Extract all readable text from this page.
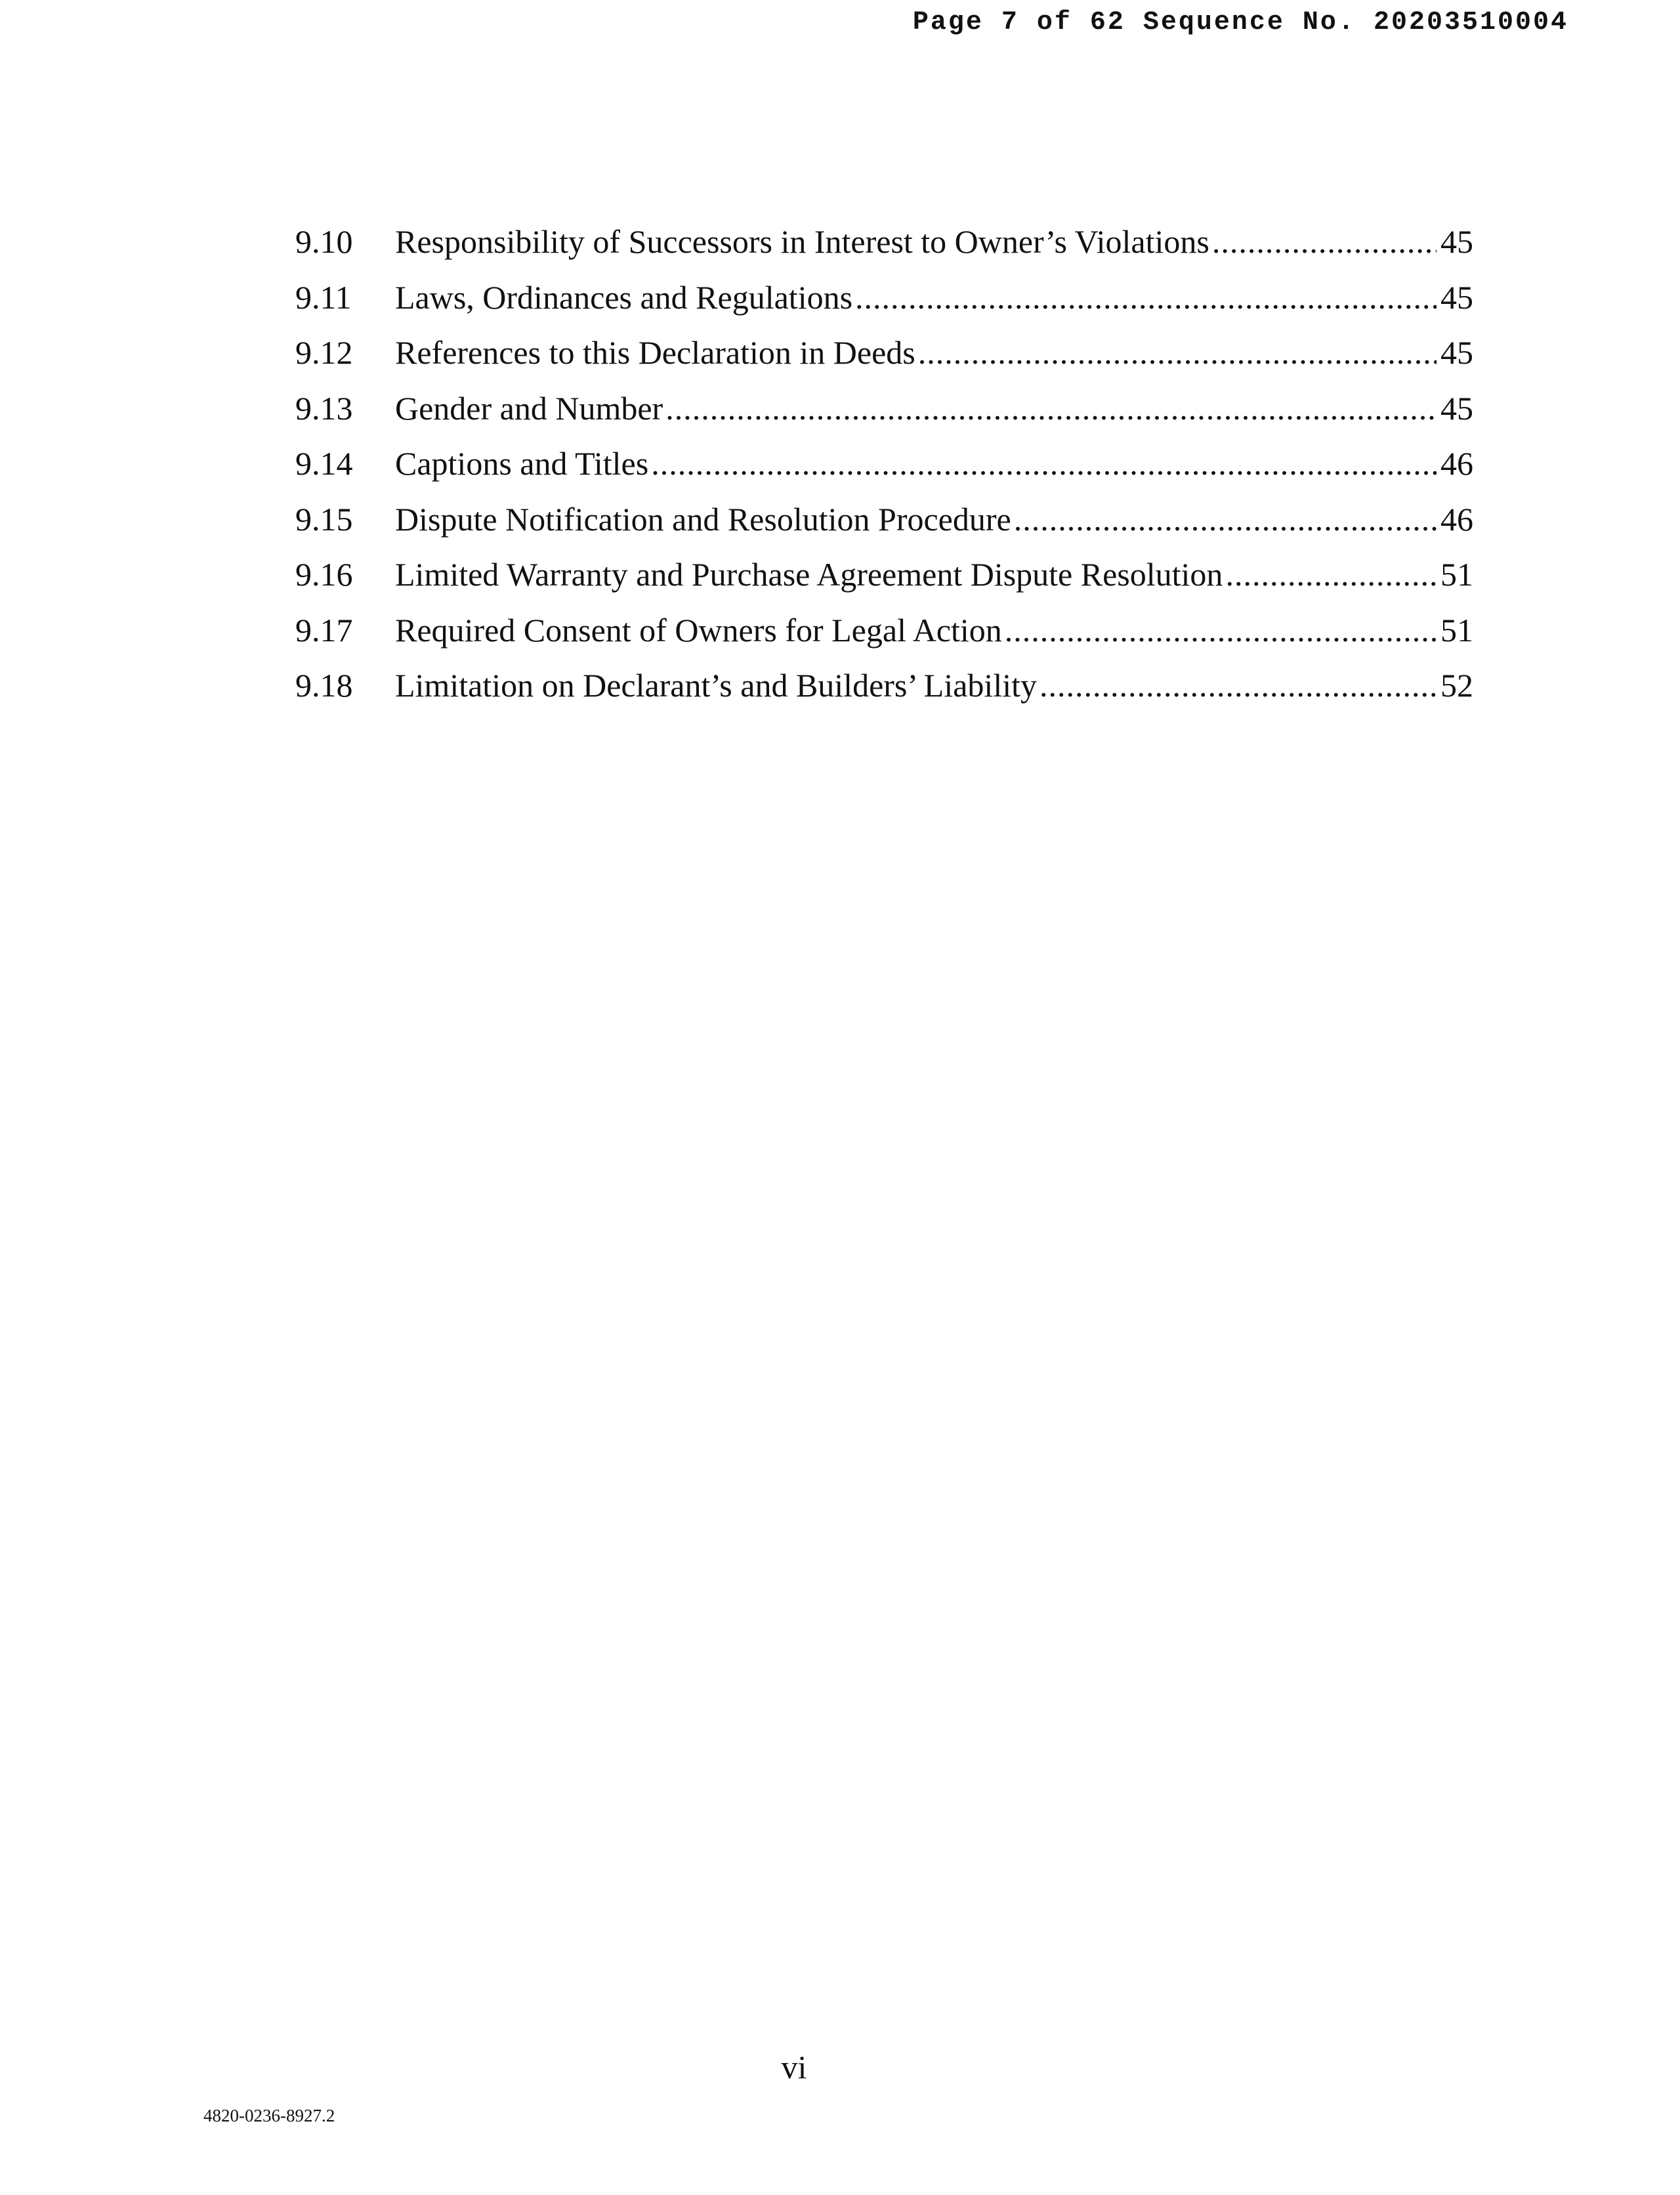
Page 7 of 62 Sequence No. 20203510004
9.10	Responsibility of Successors in Interest to Owner’s Violations .....	45
9.11	Laws, Ordinances and Regulations .....	45
9.12	References to this Declaration in Deeds .....	45
9.13	Gender and Number .....	45
9.14	Captions and Titles .....	46
9.15	Dispute Notification and Resolution Procedure .....	46
9.16	Limited Warranty and Purchase Agreement Dispute Resolution .....	51
9.17	Required Consent of Owners for Legal Action .....	51
9.18	Limitation on Declarant’s and Builders’ Liability .....	52
vi
4820-0236-8927.2
